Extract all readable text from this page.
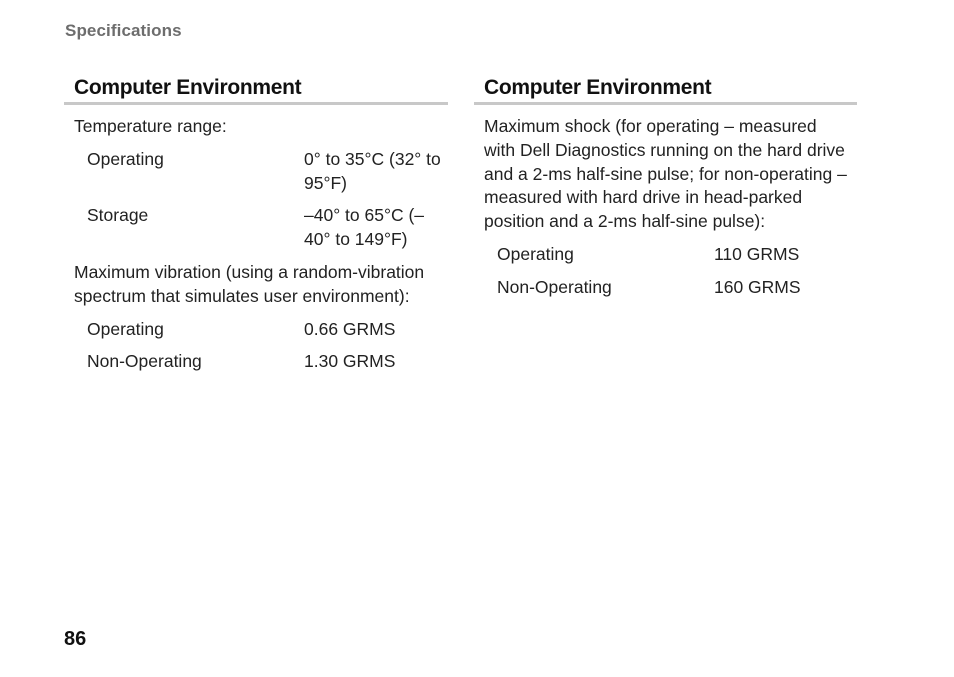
Specifications
Computer Environment
Temperature range:
Operating	0° to 35°C (32° to 95°F)
Storage	–40° to 65°C (–40° to 149°F)
Maximum vibration (using a random-vibration spectrum that simulates user environment):
Operating	0.66 GRMS
Non-Operating	1.30 GRMS
Computer Environment
Maximum shock (for operating – measured with Dell Diagnostics running on the hard drive and a 2-ms half-sine pulse; for non-operating – measured with hard drive in head-parked position and a 2-ms half-sine pulse):
Operating	110 GRMS
Non-Operating	160 GRMS
86
